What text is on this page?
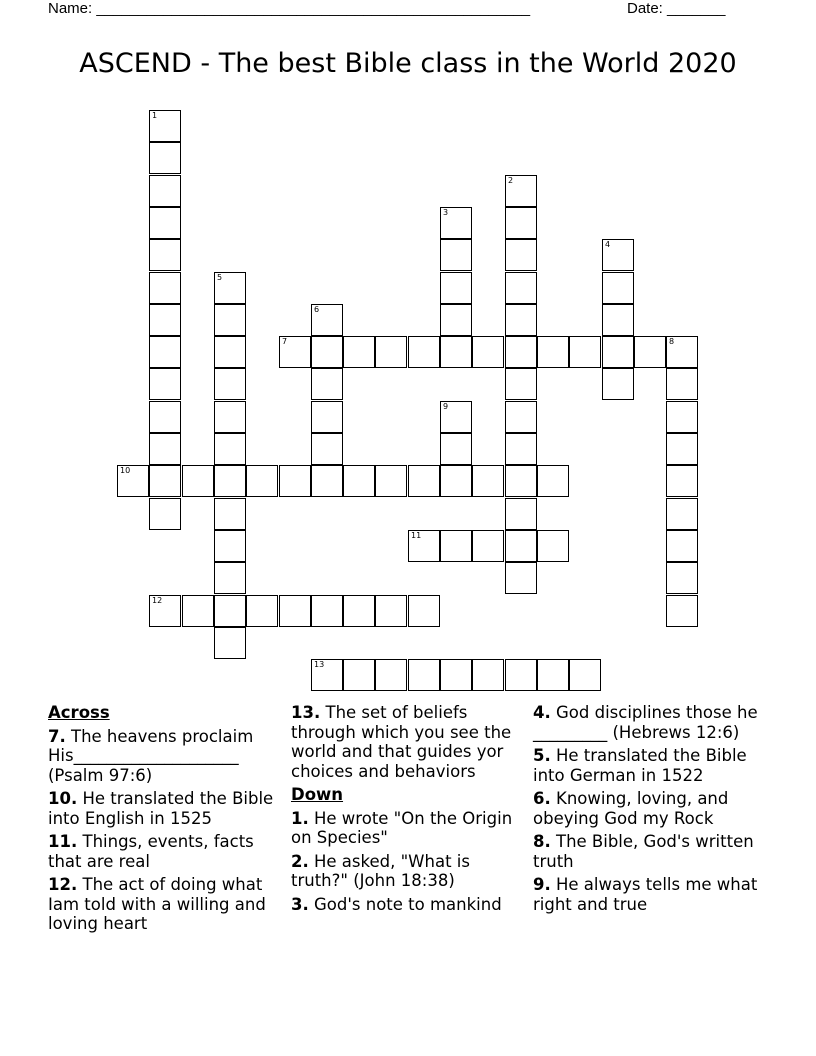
Name: ____________________________________________________	Date: _______
ASCEND - The best Bible class in the World 2020
1
2
3
4
5
6
7	8
9
10
11
12
13
Across
7. The heavens proclaim His____________________ (Psalm 97:6)
10. He translated the Bible into English in 1525
11. Things, events, facts that are real
12. The act of doing what Iam told with a willing and loving heart
13. The set of beliefs through which you see the world and that guides yor choices and behaviors
Down
1. He wrote "On the Origin on Species"
2. He asked, "What is truth?" (John 18:38)
3. God's note to mankind
4. God disciplines those he _________ (Hebrews 12:6)
5. He translated the Bible into German in 1522
6. Knowing, loving, and obeying God my Rock
8. The Bible, God's written truth
9. He always tells me what right and true
